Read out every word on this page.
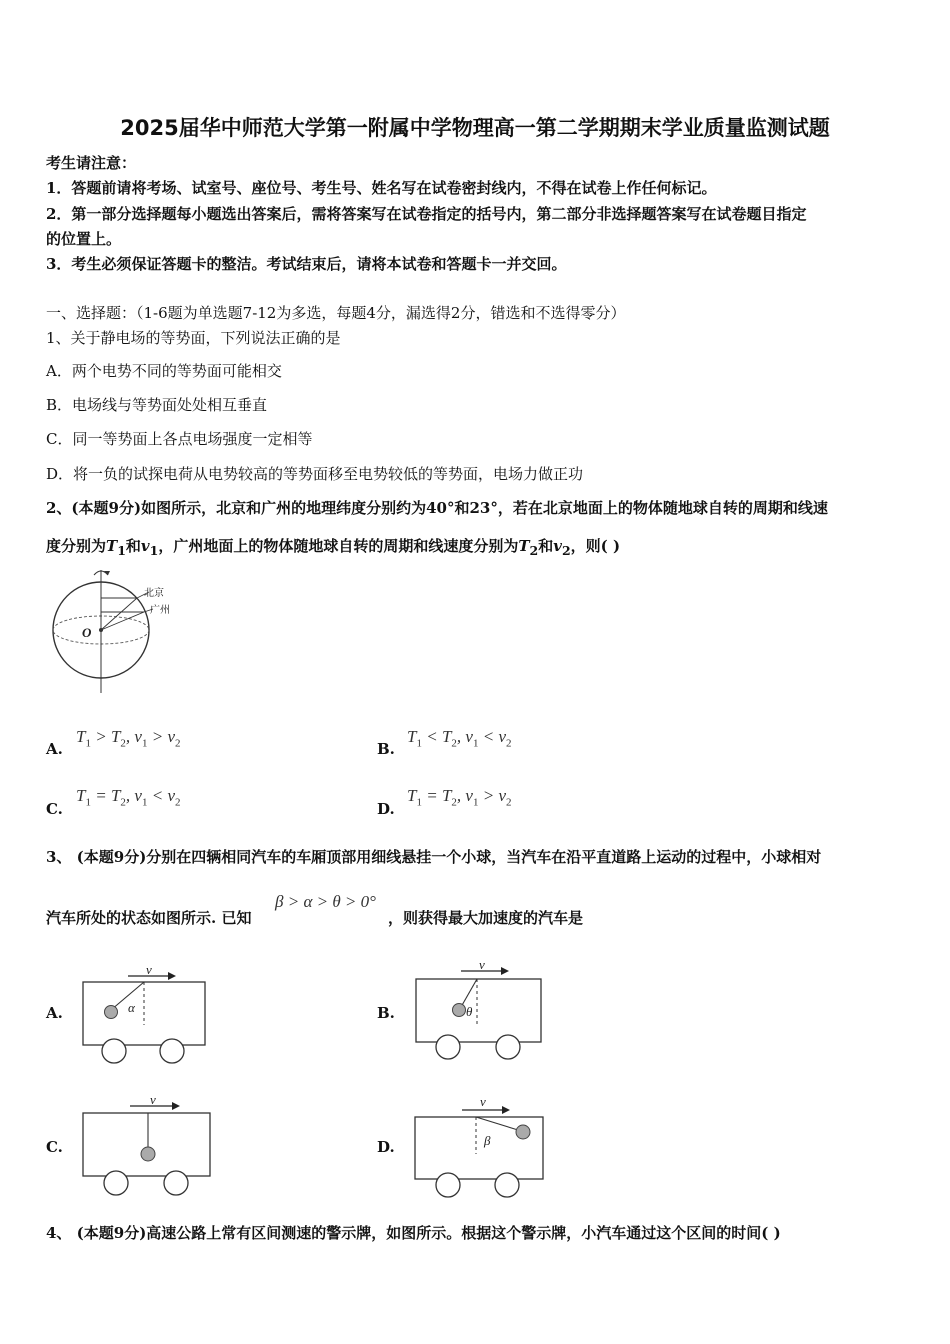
2025届华中师范大学第一附属中学物理高一第二学期期末学业质量监测试题
考生请注意：
1．答题前请将考场、试室号、座位号、考生号、姓名写在试卷密封线内，不得在试卷上作任何标记。
2．第一部分选择题每小题选出答案后，需将答案写在试卷指定的括号内，第二部分非选择题答案写在试卷题目指定
的位置上。
3．考生必须保证答题卡的整洁。考试结束后，请将本试卷和答题卡一并交回。
一、选择题：（1-6题为单选题7-12为多选，每题4分，漏选得2分，错选和不选得零分）
1、关于静电场的等势面，下列说法正确的是
A．两个电势不同的等势面可能相交
B．电场线与等势面处处相互垂直
C．同一等势面上各点电场强度一定相等
D．将一负的试探电荷从电势较高的等势面移至电势较低的等势面，电场力做正功
2、(本题9分)如图所示，北京和广州的地理纬度分别约为40°和23°，若在北京地面上的物体随地球自转的周期和线速
度分别为$T_1$和$v_1$，广州地面上的物体随地球自转的周期和线速度分别为$T_2$和$v_2$，则( )
北京
广州
O
A.
$T_1 > T_2$, $v_1 > v_2$	B.
$T_1 < T_2$, $v_1 < v_2$
C.
$T_1 = T_2$, $v_1 < v_2$	D.
$T_1 = T_2$, $v_1 > v_2$
3、 (本题9分)分别在四辆相同汽车的车厢顶部用细线悬挂一个小球，当汽车在沿平直道路上运动的过程中，小球相对
汽车所处的状态如图所示. 已知
β > α > θ > 0°
，则获得最大加速度的汽车是
A.
v
α	B.
v
θ
C.
v
D.
v
β
4、 (本题9分)高速公路上常有区间测速的警示牌，如图所示。根据这个警示牌，小汽车通过这个区间的时间( )
